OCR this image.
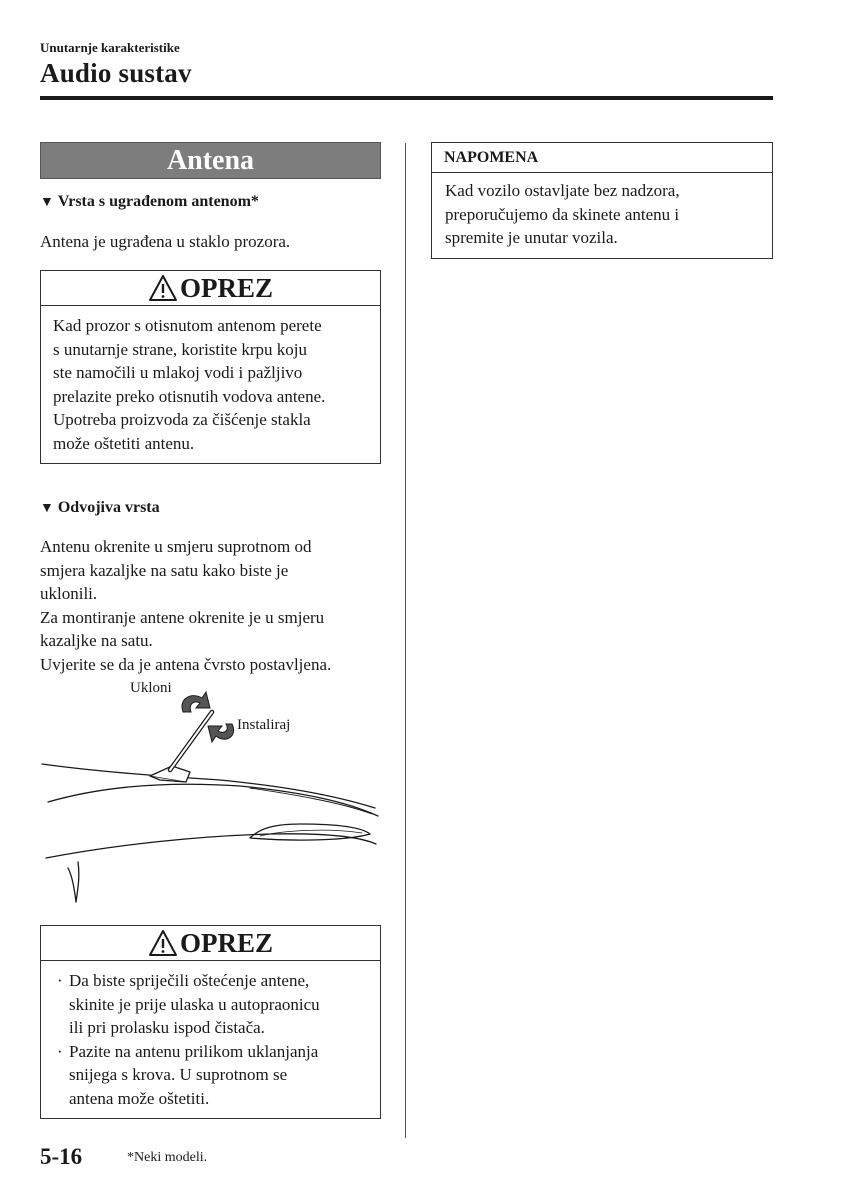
Unutarnje karakteristike
Audio sustav
Antena
▼ Vrsta s ugrađenom antenom*
Antena je ugrađena u staklo prozora.
OPREZ
Kad prozor s otisnutom antenom perete
s unutarnje strane, koristite krpu koju
ste namočili u mlakoj vodi i pažljivo
prelazite preko otisnutih vodova antene.
Upotreba proizvoda za čišćenje stakla
može oštetiti antenu.
▼ Odvojiva vrsta
Antenu okrenite u smjeru suprotnom od
smjera kazaljke na satu kako biste je
uklonili.
Za montiranje antene okrenite je u smjeru
kazaljke na satu.
Uvjerite se da je antena čvrsto postavljena.
Ukloni
Instaliraj
OPREZ
· Da biste spriječili oštećenje antene,
skinite je prije ulaska u autopraonicu
ili pri prolasku ispod čistača.
· Pazite na antenu prilikom uklanjanja
snijega s krova. U suprotnom se
antena može oštetiti.
NAPOMENA
Kad vozilo ostavljate bez nadzora,
preporučujemo da skinete antenu i
spremite je unutar vozila.
5-16	*Neki modeli.
